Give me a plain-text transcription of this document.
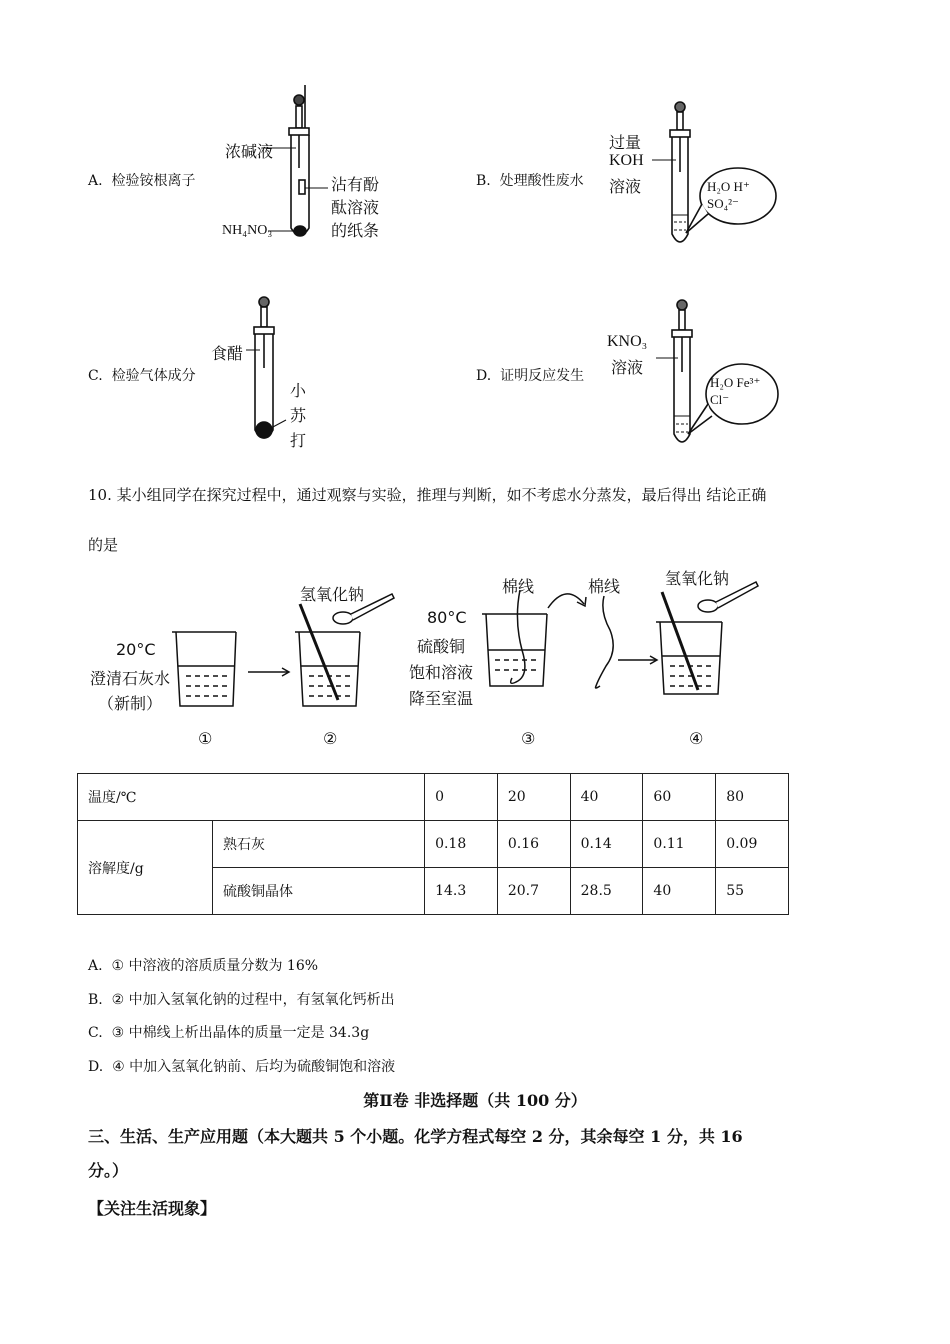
A. 检验铵根离子	B. 处理酸性废水
C. 检验气体成分	D. 证明反应发生
浓碱液
沾有酚
酞溶液
的纸条
NH₄NO₃
过量
KOH
溶液	H₂O H⁺ SO₄²⁻
食醋
小
苏
打
KNO₃
溶液
H₂O Fe³⁺ Cl⁻
10. 某小组同学在探究过程中，通过观察与实验，推理与判断，如不考虑水分蒸发，最后得出 结论正确
的是
20°C
澄清石灰水
（新制）
氢氧化钠	棉线	棉线
80°C
硫酸铜
饱和溶液
降至室温
氢氧化钠
①	②	③	④
温度/℃		0	20	40	60	80
溶解度/g	熟石灰	0.18	0.16	0.14	0.11	0.09
	硫酸铜晶体	14.3	20.7	28.5	40	55
A. ① 中溶液的溶质质量分数为 16%
B. ② 中加入氢氧化钠的过程中，有氢氧化钙析出
C. ③ 中棉线上析出晶体的质量一定是 34.3g
D. ④ 中加入氢氧化钠前、后均为硫酸铜饱和溶液
第Ⅱ卷 非选择题（共 100 分）
三、生活、生产应用题（本大题共 5 个小题。化学方程式每空 2 分，其余每空 1 分，共 16
分。）
【关注生活现象】
